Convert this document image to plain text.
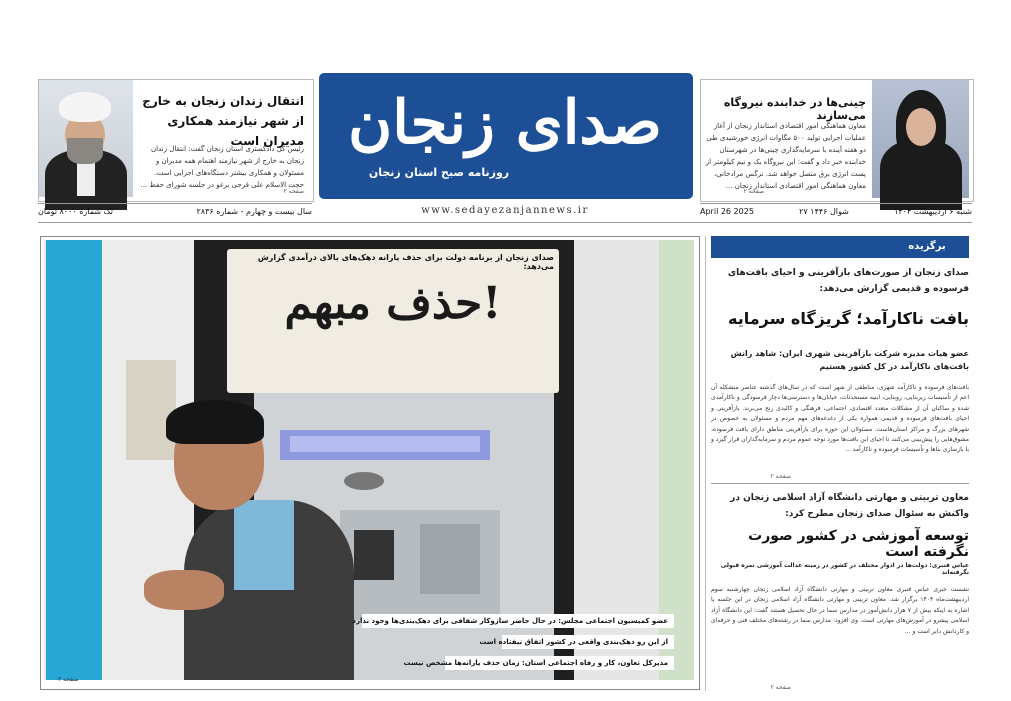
صدای زنجان
روزنامه صبح استان زنجان
www.sedayezanjannews.ir
انتقال زندان زنجان به خارج از شهر نیازمند همکاری مدیران است
رئیس کل دادگستری استان زنجان گفت: انتقال زندان زنجان به خارج از شهر نیازمند اهتمام همه مدیران و مسئولان و همکاری بیشتر دستگاه‌های اجرایی است. حجت الاسلام علی قرجی برغو در جلسه شورای حفظ ...
صفحه ۲
چینی‌ها در خدابنده نیروگاه می‌سازند
معاون هماهنگی امور اقتصادی استاندار زنجان از آغاز عملیات اجرایی تولید ۵۰۰ مگاوات انرژی خورشیدی طی دو هفته آینده با سرمایه‌گذاری چینی‌ها در شهرستان خدابنده خبر داد و گفت: این نیروگاه یک و نیم کیلومتر از پست انرژی برق متصل خواهد شد. نرگس مرادخانی، معاون هماهنگی امور اقتصادی استاندار زنجان ...
صفحه ۲
تک شماره ۸۰۰۰ تومان	سال بیست و چهارم - شماره ۲۸۳۶	April 26 2025	۲۷ شوال ۱۴۴۶	شنبه ۶ اردیبهشت ۱۴۰۴
صدای زنجان از برنامه دولت برای حذف یارانه دهک‌های بالای درآمدی گزارش می‌دهد:
حذف مبهم!
عضو کمیسیون اجتماعی مجلس: در حال حاضر سازوکار شفافی برای دهک‌بندی‌ها وجود ندارد
از این رو دهک‌بندی واقعی در کشور اتفاق نیفتاده است
مدیرکل تعاون، کار و رفاه اجتماعی استان: زمان حذف یارانه‌ها مشخص نیست
صفحه ۲
برگزیده
صدای زنجان از صورت‌های بازآفرینی و احیای بافت‌های فرسوده و قدیمی گزارش می‌دهد:
بافت ناکارآمد؛ گریزگاه سرمایه
عضو هیات مدیره شرکت بازآفرینی شهری ایران: شاهد رانش بافت‌های ناکارآمد در کل کشور هستیم
بافت‌های فرسوده و ناکارآمد شهری، مناطقی از شهر است که در سال‌های گذشته عناصر متشکله آن اعم از تأسیسات زیربنایی، روبنایی، ابنیه مستحدثات، خیابان‌ها و دسترسی‌ها دچار فرسودگی و ناکارآمدی شده و ساکنان آن از مشکلات متعدد اقتصادی، اجتماعی، فرهنگی و کالبدی رنج می‌برند. بازآفرینی و احیای بافت‌های فرسوده و قدیمی همواره یکی از دغدغه‌های مهم مردم و مسئولان به خصوص در شهرهای بزرگ و مراکز استان‌هاست. مسئولان این حوزه برای بازآفرینی مناطق دارای بافت فرسوده، مشوق‌هایی را پیش‌بینی می‌کنند تا احیای این بافت‌ها مورد توجه عموم مردم و سرمایه‌گذاران قرار گیرد و با بازسازی بناها و تأسیسات فرسوده و ناکارآمد ...
صفحه ۲
معاون تربیتی و مهارتی دانشگاه آزاد اسلامی زنجان در واکنش به سئوال صدای زنجان مطرح کرد:
توسعه آموزشی در کشور صورت نگرفته است
عباس قنبری: دولت‌ها در ادوار مختلف در کشور در زمینه عدالت آموزشی نمره قبولی نگرفته‌اند
نشست خبری عباس قنبری معاون تربیتی و مهارتی دانشگاه آزاد اسلامی زنجان چهارشنبه سوم اردیبهشت‌ماه ۱۴۰۴ برگزار شد. معاون تربیتی و مهارتی دانشگاه آزاد اسلامی زنجان در این جلسه با اشاره به اینکه بیش از ۷ هزار دانش‌آموز در مدارس سما در حال تحصیل هستند گفت: این دانشگاه آزاد اسلامی پیشرو در آموزش‌های مهارتی است. وی افزود: مدارس سما در رشته‌های مختلف فنی و حرفه‌ای و کاردانش دایر است و ...
صفحه ۲
